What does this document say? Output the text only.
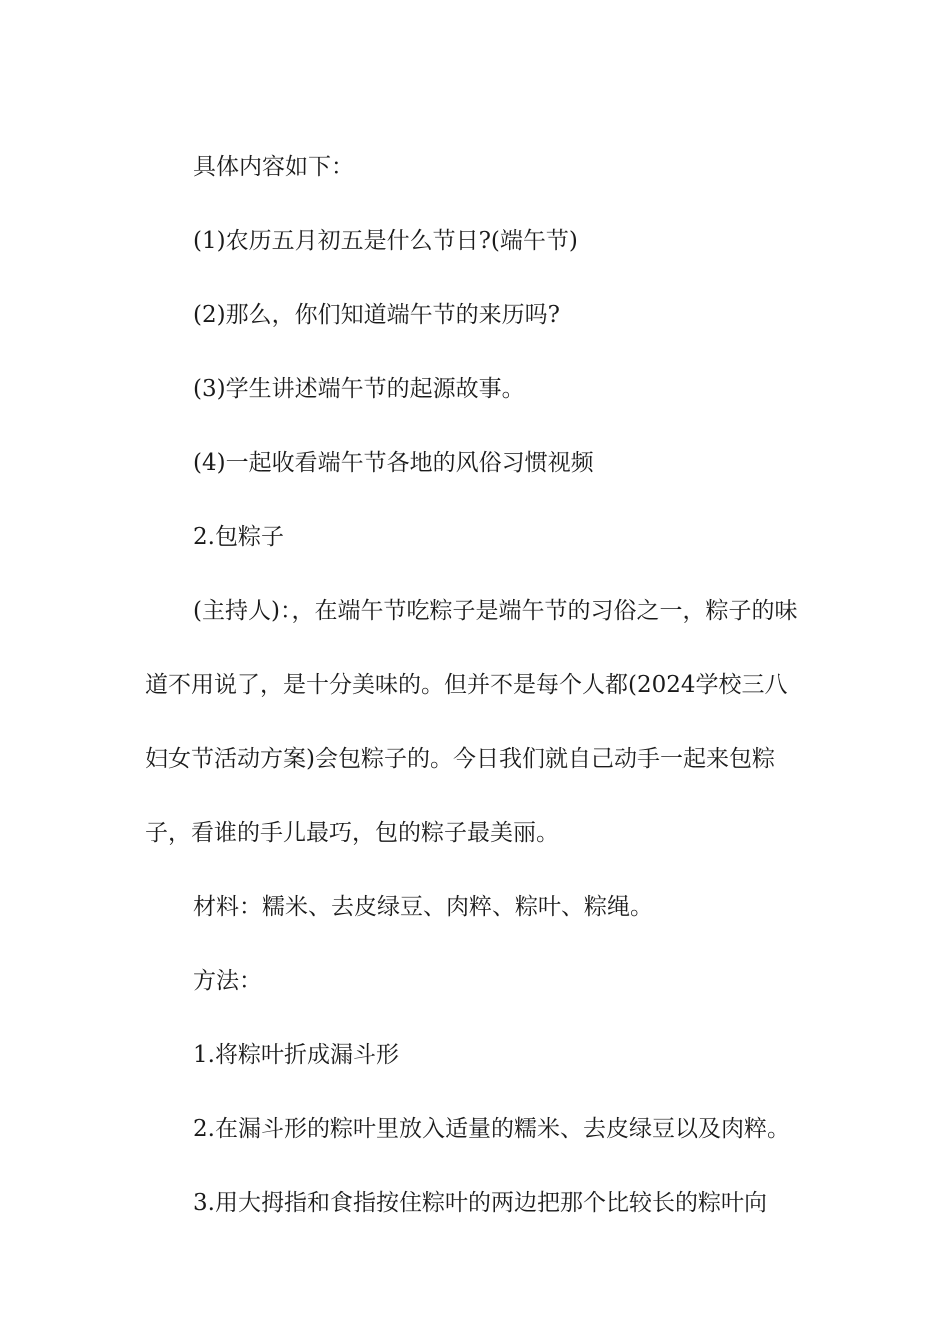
具体内容如下：

(1)农历五月初五是什么节日?(端午节)

(2)那么，你们知道端午节的来历吗?

(3)学生讲述端午节的起源故事。

(4)一起收看端午节各地的风俗习惯视频

2.包粽子

(主持人)：，在端午节吃粽子是端午节的习俗之一，粽子的味道不用说了，是十分美味的。但并不是每个人都(2024学校三八妇女节活动方案)会包粽子的。今日我们就自己动手一起来包粽子，看谁的手儿最巧，包的粽子最美丽。

材料：糯米、去皮绿豆、肉粹、粽叶、粽绳。

方法：

1.将粽叶折成漏斗形

2.在漏斗形的粽叶里放入适量的糯米、去皮绿豆以及肉粹。

3.用大拇指和食指按住粽叶的两边把那个比较长的粽叶向
